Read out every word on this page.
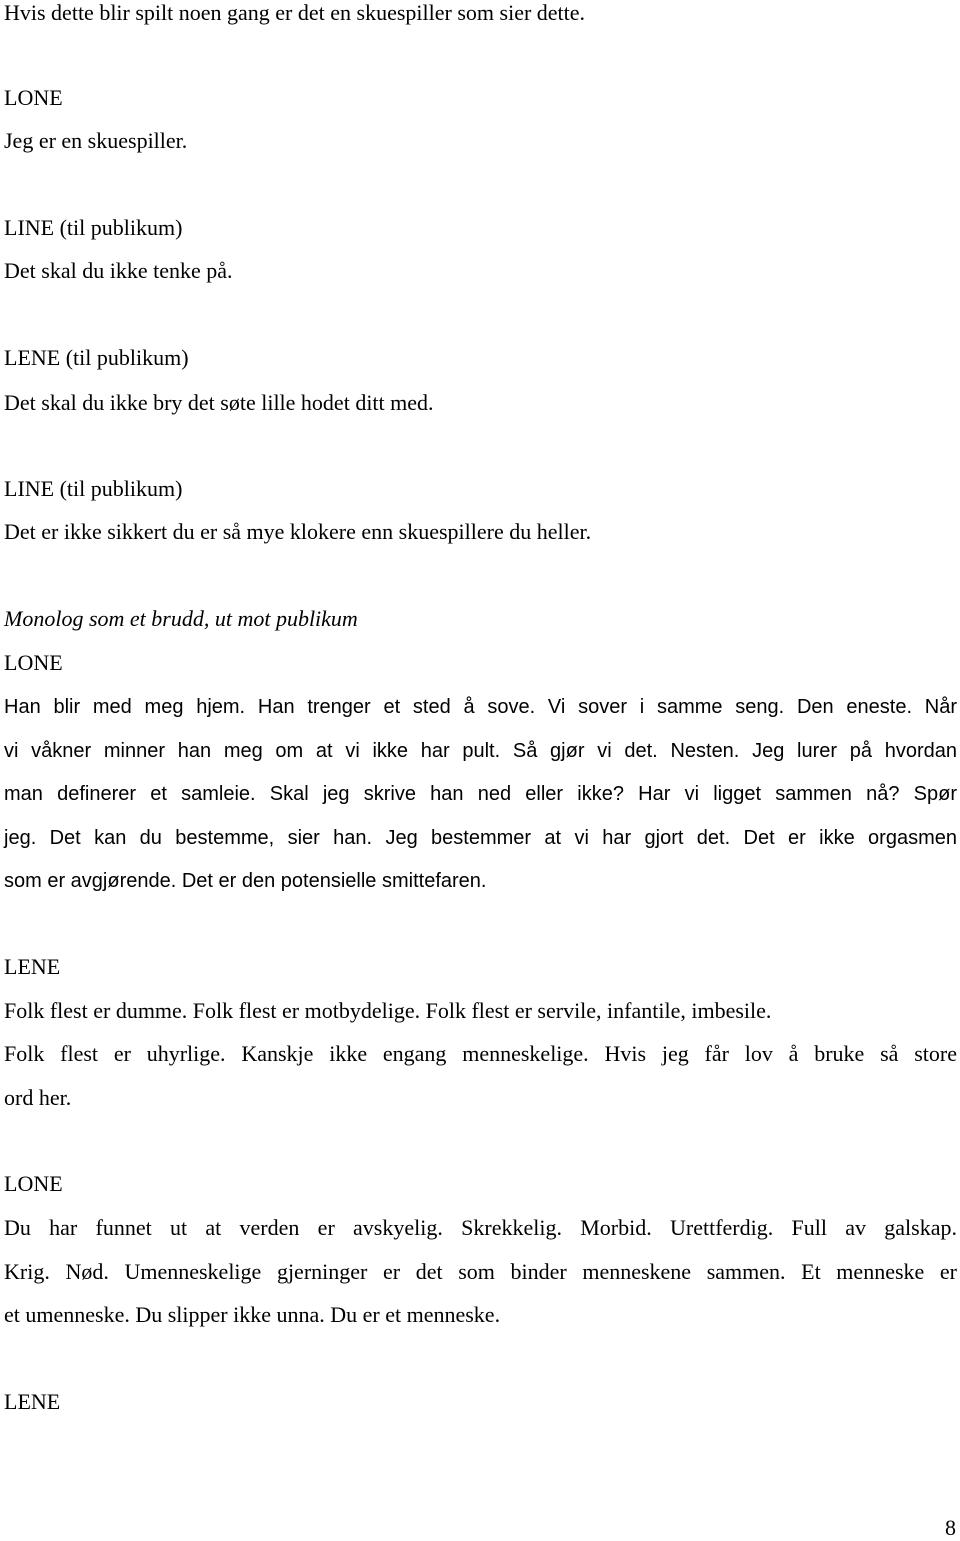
Hvis dette blir spilt noen gang er det en skuespiller som sier dette.

LONE

Jeg er en skuespiller.

LINE (til publikum)

Det skal du ikke tenke på.

LENE (til publikum)

Det skal du ikke bry det søte lille hodet ditt med.

LINE (til publikum)

Det er ikke sikkert du er så mye klokere enn skuespillere du heller.

Monolog som et brudd, ut mot publikum

LONE

Han blir med meg hjem. Han trenger et sted å sove. Vi sover i samme seng. Den eneste. Når

vi våkner minner han meg om at vi ikke har pult. Så gjør vi det. Nesten. Jeg lurer på hvordan

man definerer et samleie. Skal jeg skrive han ned eller ikke? Har vi ligget sammen nå? Spør

jeg. Det kan du bestemme, sier han. Jeg bestemmer at vi har gjort det. Det er ikke orgasmen

som er avgjørende. Det er den potensielle smittefaren.

LENE

Folk flest er dumme. Folk flest er motbydelige. Folk flest er servile, infantile, imbesile.

Folk flest er uhyrlige. Kanskje ikke engang menneskelige. Hvis jeg får lov å bruke så store

ord her.

LONE

Du har funnet ut at verden er avskyelig. Skrekkelig. Morbid. Urettferdig. Full av galskap.

Krig. Nød. Umenneskelige gjerninger er det som binder menneskene sammen. Et menneske er

et umenneske. Du slipper ikke unna. Du er et menneske.

LENE

8
